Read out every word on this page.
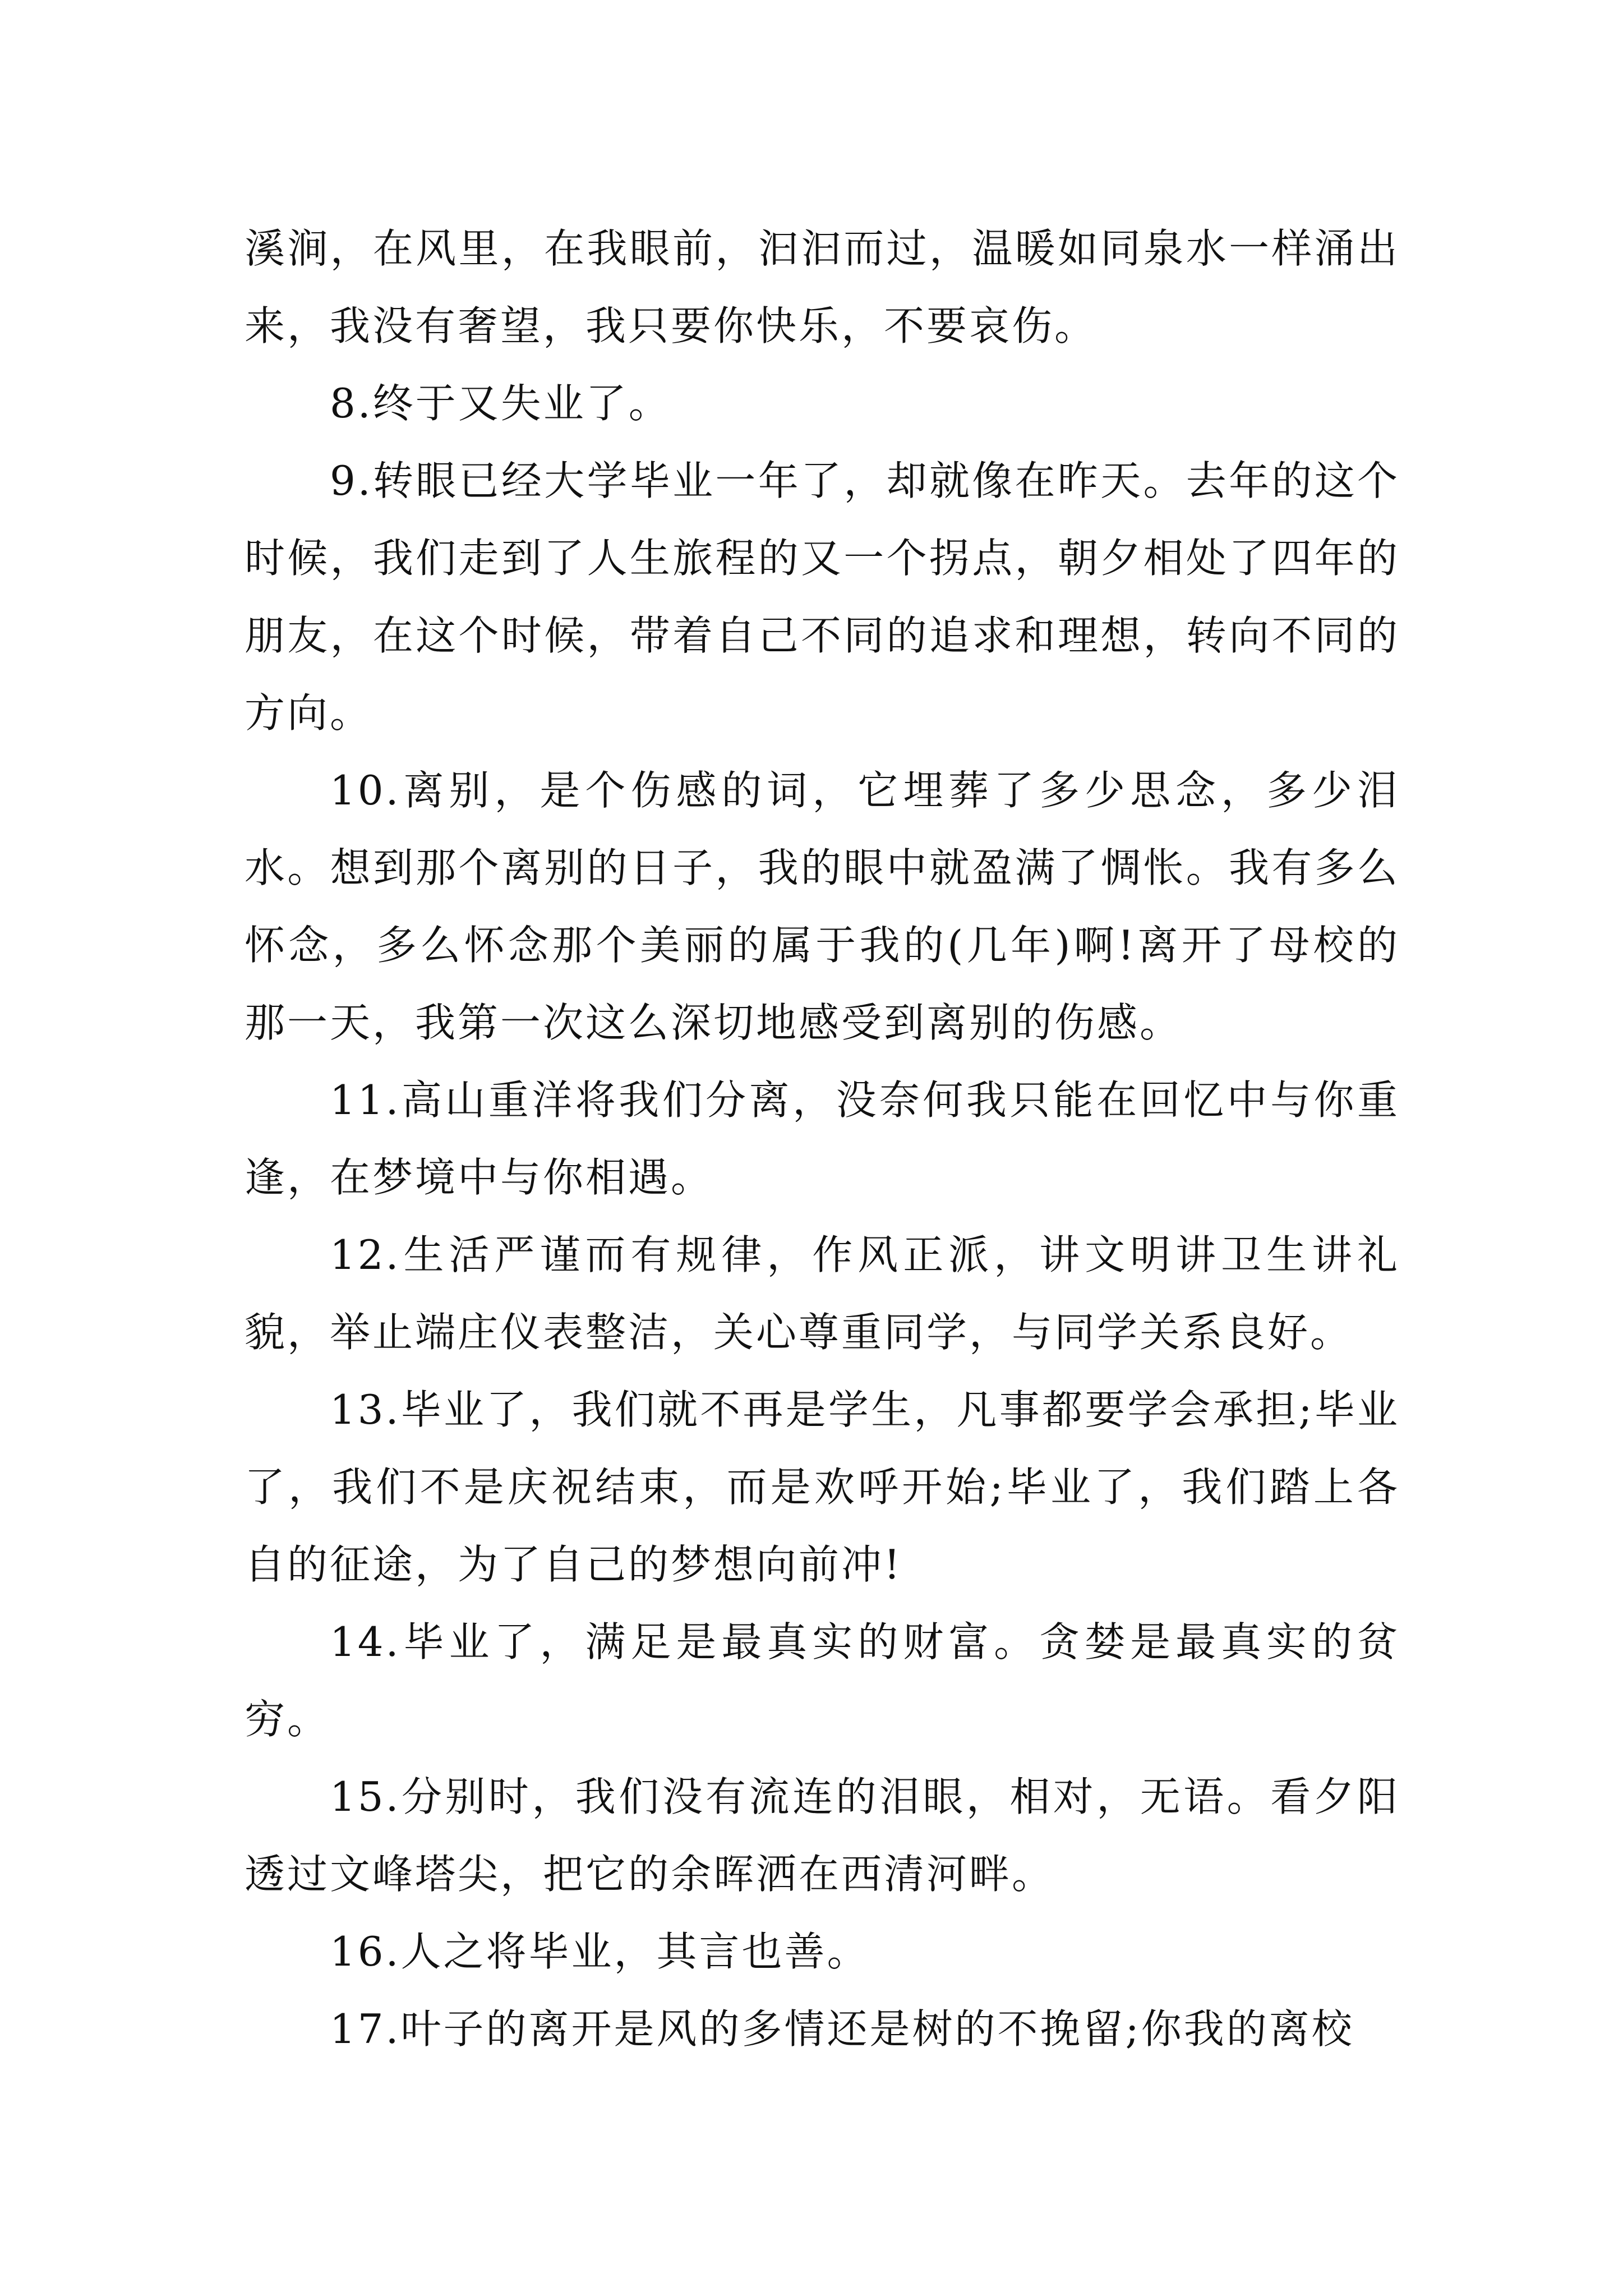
溪涧，在风里，在我眼前，汩汩而过，温暖如同泉水一样涌出来，我没有奢望，我只要你快乐，不要哀伤。

8.终于又失业了。

9.转眼已经大学毕业一年了，却就像在昨天。去年的这个时候，我们走到了人生旅程的又一个拐点，朝夕相处了四年的朋友，在这个时候，带着自己不同的追求和理想，转向不同的方向。

10.离别，是个伤感的词，它埋葬了多少思念，多少泪水。想到那个离别的日子，我的眼中就盈满了惆怅。我有多么怀念，多么怀念那个美丽的属于我的(几年)啊!离开了母校的那一天，我第一次这么深切地感受到离别的伤感。

11.高山重洋将我们分离，没奈何我只能在回忆中与你重逢，在梦境中与你相遇。

12.生活严谨而有规律，作风正派，讲文明讲卫生讲礼貌，举止端庄仪表整洁，关心尊重同学，与同学关系良好。

13.毕业了，我们就不再是学生，凡事都要学会承担;毕业了，我们不是庆祝结束，而是欢呼开始;毕业了，我们踏上各自的征途，为了自己的梦想向前冲!

14.毕业了，满足是最真实的财富。贪婪是最真实的贫穷。

15.分别时，我们没有流连的泪眼，相对，无语。看夕阳透过文峰塔尖，把它的余晖洒在西清河畔。

16.人之将毕业，其言也善。

17.叶子的离开是风的多情还是树的不挽留;你我的离校
